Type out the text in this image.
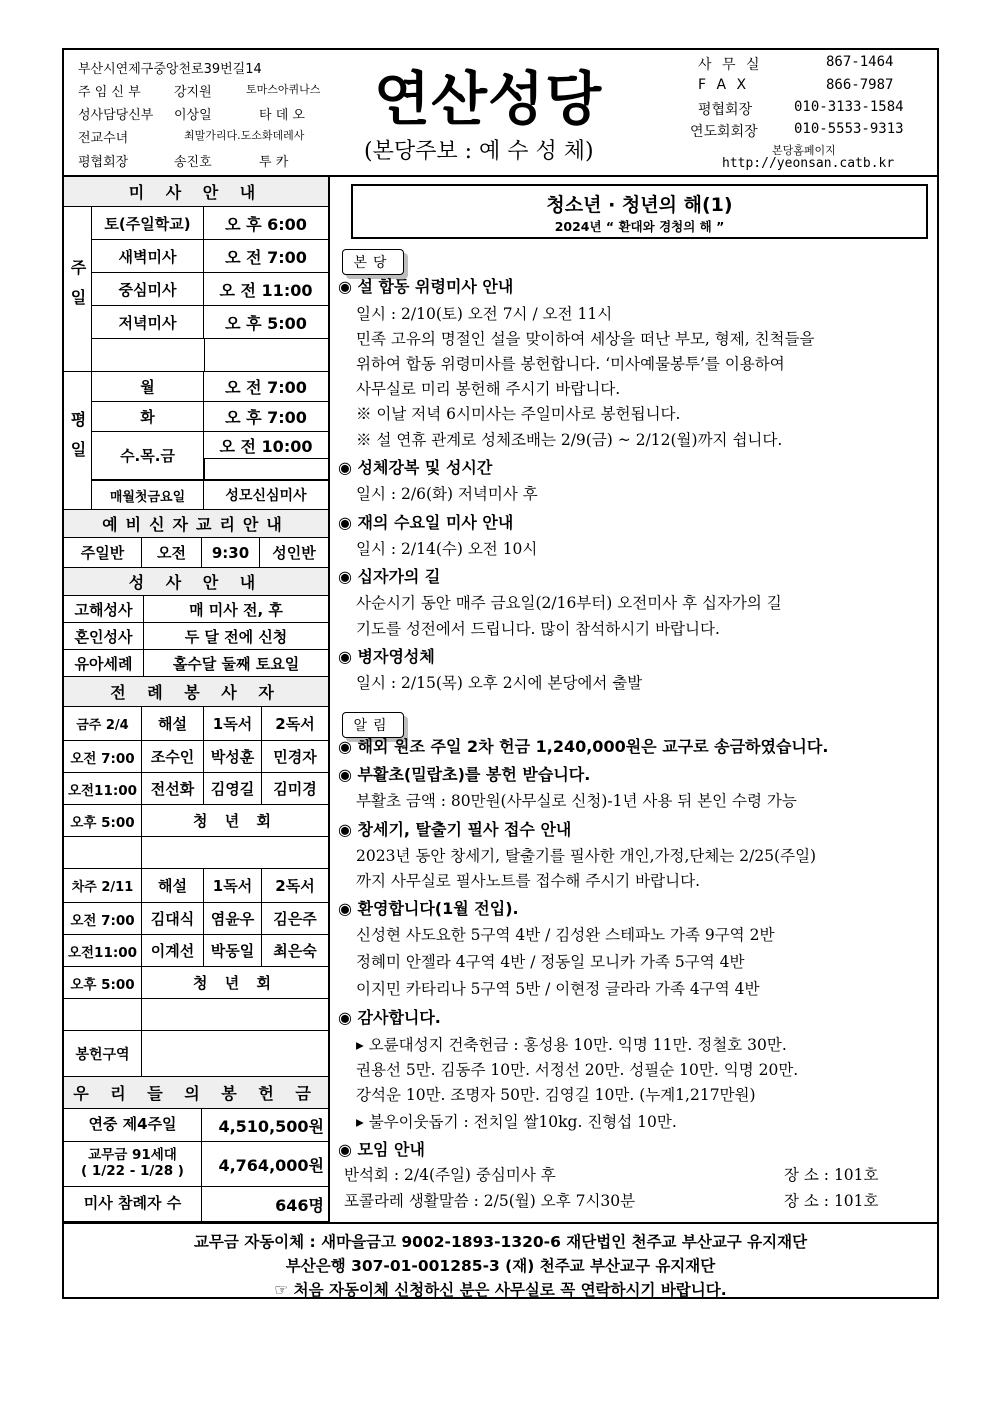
부산시연제구중앙천로39번길14
주 임 신 부	강지원	토마스아퀴나스
성사담당신부 이상일	타 데 오
전교수녀	최말가리다.도소화데레사
평협회장	송진호	투 카
연산성당
(본당주보 : 예 수 성 체)
사 무 실	867-1464
F A X	866-7987
평협회장	010-3133-1584
연도회회장	010-5553-9313
본당홈페이지
http://yeonsan.catb.kr
미 사 안 내
주일
토(주일학교)	오 후 6:00
새벽미사	오 전 7:00
중심미사	오 전 11:00
저녁미사	오 후 5:00
평일
월	오 전 7:00
화	오 후 7:00
수.목.금	오 전 10:00
매월첫금요일	성모신심미사
예비신자교리안내
주일반	오전	9:30	성인반
성 사 안 내
고해성사	매 미사 전, 후
혼인성사	두 달 전에 신청
유아세례	홀수달 둘째 토요일
전 례 봉 사 자
금주 2/4	해설	1독서	2독서
오전 7:00	조수인	박성훈	민경자
오전11:00 전선화	김영길	김미경
오후 5:00	청 년 회
차주 2/11	해설	1독서	2독서
오전 7:00	김대식	염윤우	김은주
오전11:00 이계선	박동일	최은숙
오후 5:00	청 년 회
봉헌구역
우 리 들 의 봉 헌 금
연중 제4주일	4,510,500원
교무금 91세대
( 1/22 - 1/28 )	4,764,000원
미사 참례자 수	646명
청소년 · 청년의 해(1)
2024년 “ 환대와 경청의 해 ”
본당
알림
◉ 설 합동 위령미사 안내
일시 : 2/10(토) 오전 7시 / 오전 11시
민족 고유의 명절인 설을 맞이하여 세상을 떠난 부모, 형제, 친척들을
위하여 합동 위령미사를 봉헌합니다. ‘미사예물봉투’를 이용하여
사무실로 미리 봉헌해 주시기 바랍니다.
※ 이날 저녁 6시미사는 주일미사로 봉헌됩니다.
※ 설 연휴 관계로 성체조배는 2/9(금) ~ 2/12(월)까지 쉽니다.
◉ 성체강복 및 성시간
일시 : 2/6(화) 저녁미사 후
◉ 재의 수요일 미사 안내
일시 : 2/14(수) 오전 10시
◉ 십자가의 길
사순시기 동안 매주 금요일(2/16부터) 오전미사 후 십자가의 길
기도를 성전에서 드립니다. 많이 참석하시기 바랍니다.
◉ 병자영성체
일시 : 2/15(목) 오후 2시에 본당에서 출발
◉ 해외 원조 주일 2차 헌금 1,240,000원은 교구로 송금하였습니다.
◉ 부활초(밀랍초)를 봉헌 받습니다.
부활초 금액 : 80만원(사무실로 신청)-1년 사용 뒤 본인 수령 가능
◉ 창세기, 탈출기 필사 접수 안내
2023년 동안 창세기, 탈출기를 필사한 개인,가정,단체는 2/25(주일)
까지 사무실로 필사노트를 접수해 주시기 바랍니다.
◉ 환영합니다(1월 전입).
신성현 사도요한 5구역 4반 / 김성완 스테파노 가족 9구역 2반
정혜미 안젤라 4구역 4반 / 정동일 모니카 가족 5구역 4반
이지민 카타리나 5구역 5반 / 이현정 글라라 가족 4구역 4반
◉ 감사합니다.
▸ 오륜대성지 건축헌금 : 홍성용 10만. 익명 11만. 정철호 30만.
권용선 5만. 김동주 10만. 서정선 20만. 성필순 10만. 익명 20만.
강석운 10만. 조명자 50만. 김영길 10만. (누계1,217만원)
▸ 불우이웃돕기 : 전치일 쌀10kg. 진형섭 10만.
◉ 모임 안내
반석회 : 2/4(주일) 중심미사 후	장 소 : 101호
포콜라레 생활말씀 : 2/5(월) 오후 7시30분	장 소 : 101호
교무금 자동이체 : 새마을금고 9002-1893-1320-6 재단법인 천주교 부산교구 유지재단
부산은행 307-01-001285-3 (재) 천주교 부산교구 유지재단
☞ 처음 자동이체 신청하신 분은 사무실로 꼭 연락하시기 바랍니다.
